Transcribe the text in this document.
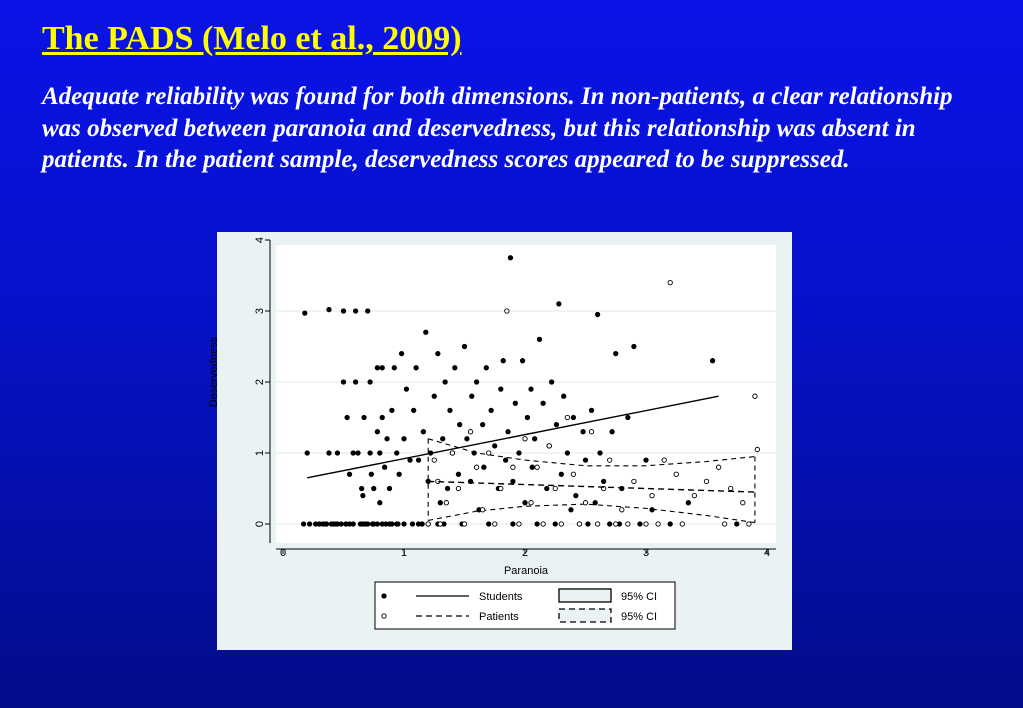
The PADS (Melo et al., 2009)

Adequate reliability was found for both dimensions. In non-patients, a clear relationship was observed between paranoia and deservedness, but this relationship was absent in patients. In the patient sample, deservedness scores appeared to be suppressed.

0
1
2
3
4
0	1	2	3	4
Paranoia
Deservedness
Students	95% CI
Patients	95% CI
